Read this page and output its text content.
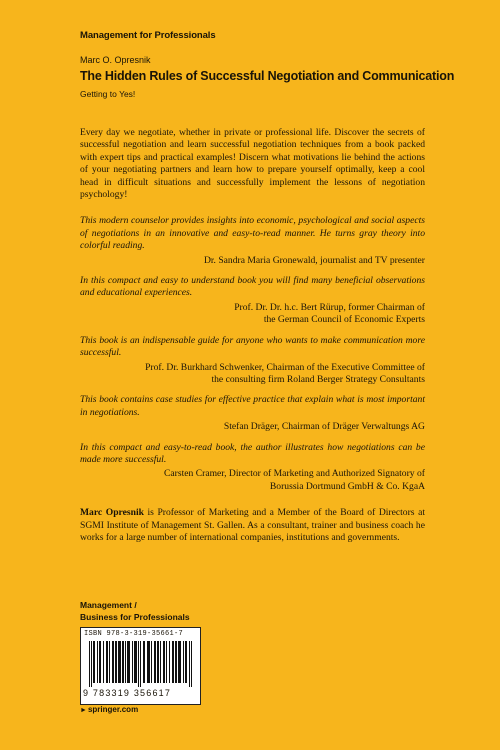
Management for Professionals
Marc O. Opresnik
The Hidden Rules of Successful Negotiation and Communication
Getting to Yes!

Every day we negotiate, whether in private or professional life. Discover the secrets of successful negotiation and learn successful negotiation techniques from a book packed with expert tips and practical examples! Discern what motivations lie behind the actions of your negotiating partners and learn how to prepare yourself optimally, keep a cool head in difficult situations and successfully implement the lessons of negotiation psychology!

This modern counselor provides insights into economic, psychological and social aspects of negotiations in an innovative and easy-to-read manner. He turns gray theory into colorful reading.

Dr. Sandra Maria Gronewald, journalist and TV presenter

In this compact and easy to understand book you will find many beneficial observations and educational experiences.

Prof. Dr. Dr. h.c. Bert Rürup, former Chairman of
the German Council of Economic Experts

This book is an indispensable guide for anyone who wants to make communication more successful.

Prof. Dr. Burkhard Schwenker, Chairman of the Executive Committee of
the consulting firm Roland Berger Strategy Consultants

This book contains case studies for effective practice that explain what is most important in negotiations.

Stefan Dräger, Chairman of Dräger Verwaltungs AG

In this compact and easy-to-read book, the author illustrates how negotiations can be made more successful.

Carsten Cramer, Director of Marketing and Authorized Signatory of
Borussia Dortmund GmbH & Co. KgaA

Marc Opresnik is Professor of Marketing and a Member of the Board of Directors at SGMI Institute of Management St. Gallen. As a consultant, trainer and business coach he works for a large number of international companies, institutions and governments.

Management /
Business for Professionals
ISBN 978-3-319-35661-7
9 783319 356617
►springer.com
